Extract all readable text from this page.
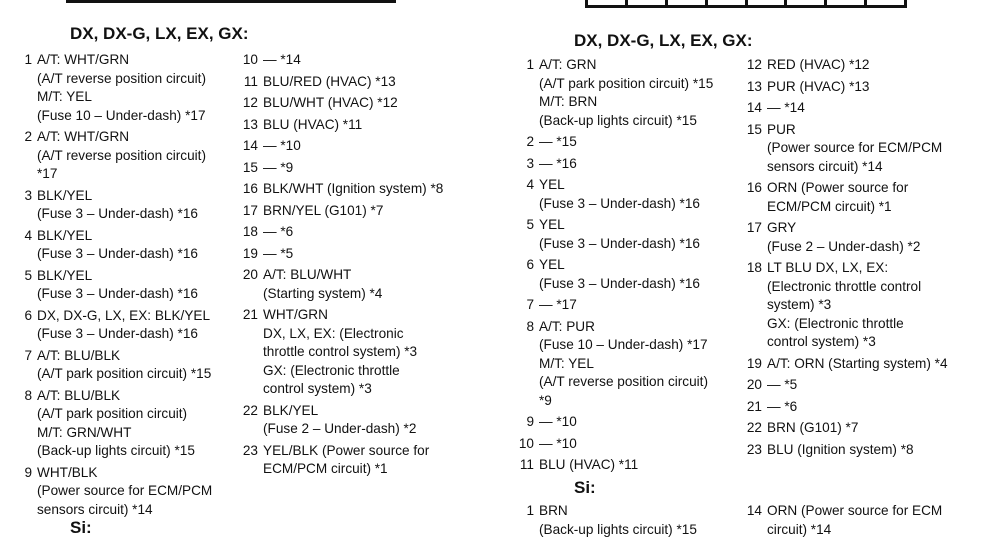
DX, DX-G, LX, EX, GX:
1 A/T: WHT/GRN
(A/T reverse position circuit)
M/T: YEL
(Fuse 10 – Under-dash) *17
2 A/T: WHT/GRN
(A/T reverse position circuit)
*17
3 BLK/YEL
(Fuse 3 – Under-dash) *16
4 BLK/YEL
(Fuse 3 – Under-dash) *16
5 BLK/YEL
(Fuse 3 – Under-dash) *16
6 DX, DX-G, LX, EX: BLK/YEL
(Fuse 3 – Under-dash) *16
7 A/T: BLU/BLK
(A/T park position circuit) *15
8 A/T: BLU/BLK
(A/T park position circuit)
M/T: GRN/WHT
(Back-up lights circuit) *15
9 WHT/BLK
(Power source for ECM/PCM
sensors circuit) *14
10 — *14
11 BLU/RED (HVAC) *13
12 BLU/WHT (HVAC) *12
13 BLU (HVAC) *11
14 — *10
15 — *9
16 BLK/WHT (Ignition system) *8
17 BRN/YEL (G101) *7
18 — *6
19 — *5
20 A/T: BLU/WHT
(Starting system) *4
21 WHT/GRN
DX, LX, EX: (Electronic
throttle control system) *3
GX: (Electronic throttle
control system) *3
22 BLK/YEL
(Fuse 2 – Under-dash) *2
23 YEL/BLK (Power source for
ECM/PCM circuit) *1
Si:
DX, DX-G, LX, EX, GX:
1 A/T: GRN
(A/T park position circuit) *15
M/T: BRN
(Back-up lights circuit) *15
2 — *15
3 — *16
4 YEL
(Fuse 3 – Under-dash) *16
5 YEL
(Fuse 3 – Under-dash) *16
6 YEL
(Fuse 3 – Under-dash) *16
7 — *17
8 A/T: PUR
(Fuse 10 – Under-dash) *17
M/T: YEL
(A/T reverse position circuit)
*9
9 — *10
10 — *10
11 BLU (HVAC) *11
12 RED (HVAC) *12
13 PUR (HVAC) *13
14 — *14
15 PUR
(Power source for ECM/PCM
sensors circuit) *14
16 ORN (Power source for
ECM/PCM circuit) *1
17 GRY
(Fuse 2 – Under-dash) *2
18 LT BLU DX, LX, EX:
(Electronic throttle control
system) *3
GX: (Electronic throttle
control system) *3
19 A/T: ORN (Starting system) *4
20 — *5
21 — *6
22 BRN (G101) *7
23 BLU (Ignition system) *8
Si:
1 BRN
(Back-up lights circuit) *15
14 ORN (Power source for ECM
circuit) *14
